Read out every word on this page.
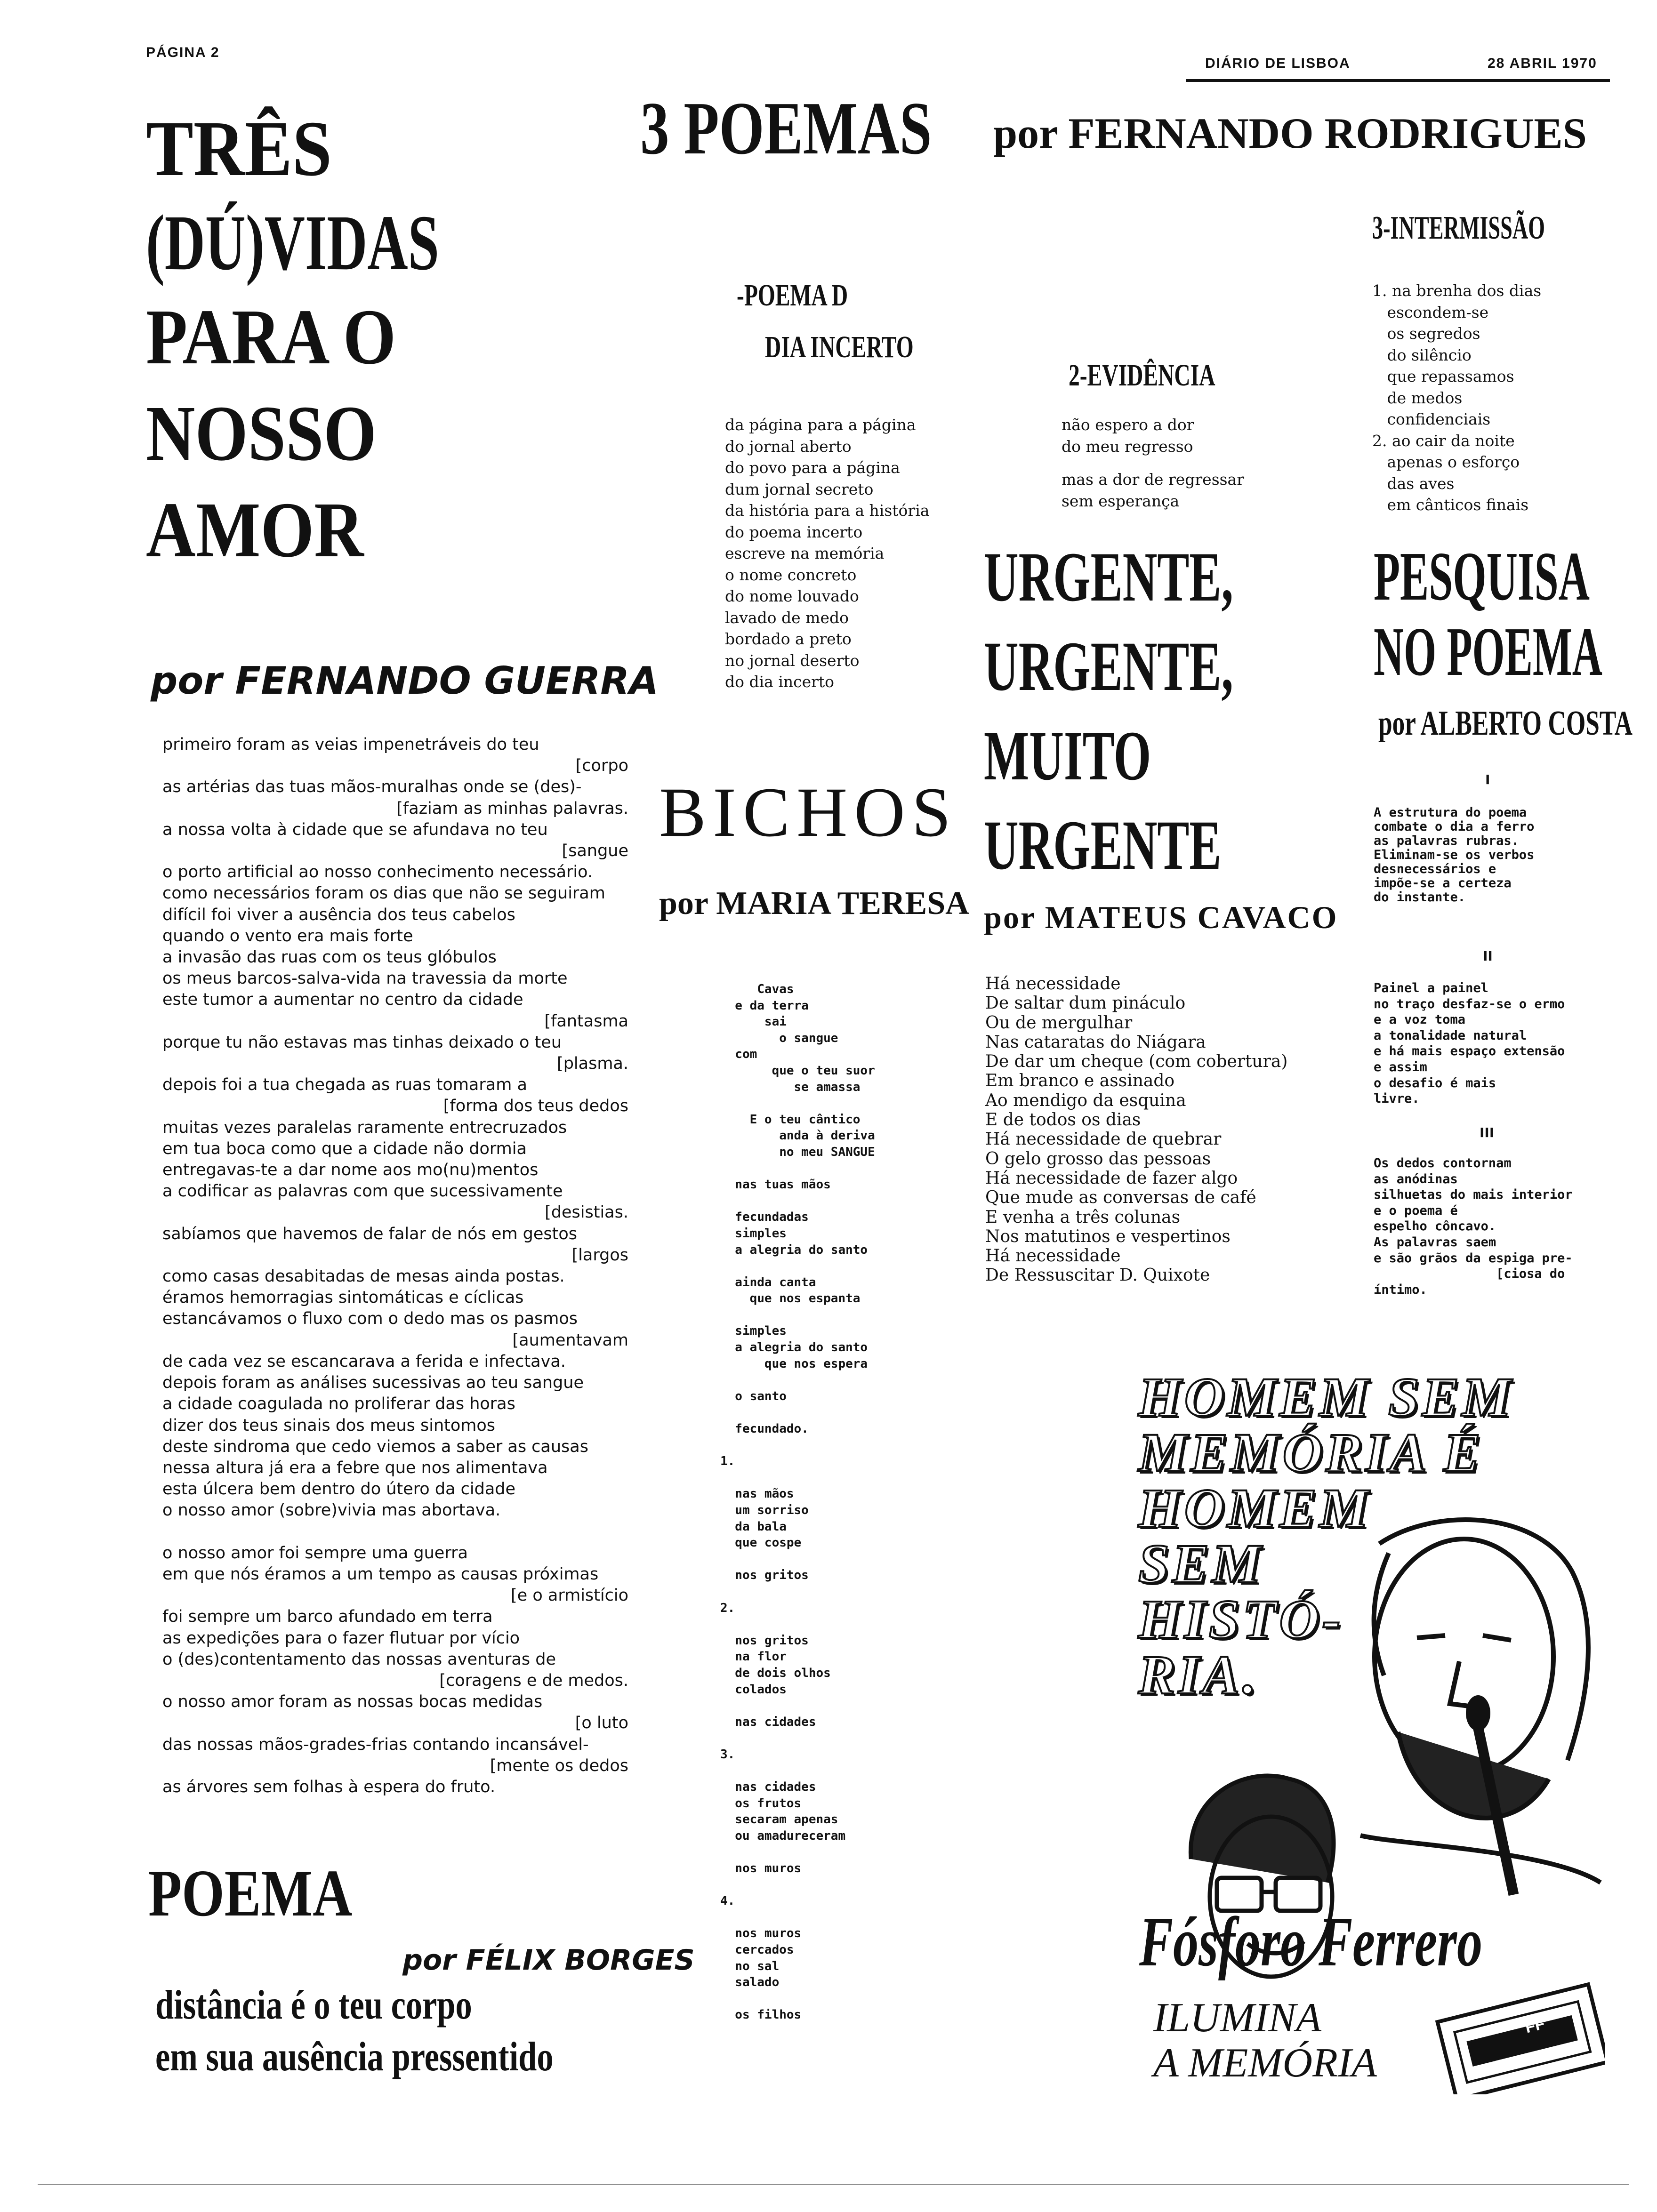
PÁGINA 2
DIÁRIO DE LISBOA	28 ABRIL 1970
TRÊS
(DÚ)VIDAS
PARA O
NOSSO
AMOR
por FERNANDO GUERRA
primeiro foram as veias impenetráveis do teu
[corpo
as artérias das tuas mãos-muralhas onde se (des)-
[faziam as minhas palavras.
a nossa volta à cidade que se afundava no teu
[sangue
o porto artificial ao nosso conhecimento necessário.
como necessários foram os dias que não se seguiram
difícil foi viver a ausência dos teus cabelos
quando o vento era mais forte
a invasão das ruas com os teus glóbulos
os meus barcos-salva-vida na travessia da morte
este tumor a aumentar no centro da cidade
[fantasma
porque tu não estavas mas tinhas deixado o teu
[plasma.
depois foi a tua chegada as ruas tomaram a
[forma dos teus dedos
muitas vezes paralelas raramente entrecruzados
em tua boca como que a cidade não dormia
entregavas-te a dar nome aos mo(nu)mentos
a codificar as palavras com que sucessivamente
[desistias.
sabíamos que havemos de falar de nós em gestos
[largos
como casas desabitadas de mesas ainda postas.
éramos hemorragias sintomáticas e cíclicas
estancávamos o fluxo com o dedo mas os pasmos
[aumentavam
de cada vez se escancarava a ferida e infectava.
depois foram as análises sucessivas ao teu sangue
a cidade coagulada no proliferar das horas
dizer dos teus sinais dos meus sintomos
deste sindroma que cedo viemos a saber as causas
nessa altura já era a febre que nos alimentava
esta úlcera bem dentro do útero da cidade
o nosso amor (sobre)vivia mas abortava.

o nosso amor foi sempre uma guerra
em que nós éramos a um tempo as causas próximas
[e o armistício
foi sempre um barco afundado em terra
as expedições para o fazer flutuar por vício
o (des)contentamento das nossas aventuras de
[coragens e de medos.
o nosso amor foram as nossas bocas medidas
[o luto
das nossas mãos-grades-frias contando incansável-
[mente os dedos
as árvores sem folhas à espera do fruto.
POEMA
por FÉLIX BORGES
distância é o teu corpo
em sua ausência pressentido
3 POEMAS por FERNANDO RODRIGUES
-POEMA D
DIA INCERTO
da página para a página
do jornal aberto
do povo para a página
dum jornal secreto
da história para a história
do poema incerto
escreve na memória
o nome concreto
do nome louvado
lavado de medo
bordado a preto
no jornal deserto
do dia incerto
2-EVIDÊNCIA
não espero a dor
do meu regresso
mas a dor de regressar
sem esperança
3-INTERMISSÃO
1. na brenha dos dias
escondem-se
os segredos
do silêncio
que repassamos
de medos
confidenciais
2. ao cair da noite
apenas o esforço
das aves
em cânticos finais
BICHOS
por MARIA TERESA
Cavas
e da terra
sai
o sangue
com
que o teu suor
se amassa

E o teu cântico
anda à deriva
no meu SANGUE

nas tuas mãos

fecundadas
simples
a alegria do santo

ainda canta
que nos espanta

simples
a alegria do santo
que nos espera

o santo

fecundado.

1.

nas mãos
um sorriso
da bala
que cospe

nos gritos

2.

nos gritos
na flor
de dois olhos
colados

nas cidades

3.

nas cidades
os frutos
secaram apenas
ou amadureceram

nos muros

4.

nos muros
cercados
no sal
salado

os filhos
URGENTE,
URGENTE,
MUITO
URGENTE
por MATEUS CAVACO
Há necessidade
De saltar dum pináculo
Ou de mergulhar
Nas cataratas do Niágara
De dar um cheque (com cobertura)
Em branco e assinado
Ao mendigo da esquina
E de todos os dias
Há necessidade de quebrar
O gelo grosso das pessoas
Há necessidade de fazer algo
Que mude as conversas de café
E venha a três colunas
Nos matutinos e vespertinos
Há necessidade
De Ressuscitar D. Quixote
PESQUISA
NO POEMA
por ALBERTO COSTA
I
A estrutura do poema
combate o dia a ferro
as palavras rubras.
Eliminam-se os verbos
desnecessários e
impõe-se a certeza
do instante.
II
Painel a painel
no traço desfaz-se o ermo
e a voz toma
a tonalidade natural
e há mais espaço extensão
e assim
o desafio é mais
livre.
III
Os dedos contornam
as anódinas
silhuetas do mais interior
e o poema é
espelho côncavo.
As palavras saem
e são grãos da espiga pre-
[ciosa do
íntimo.
HOMEM SEM
MEMÓRIA É
HOMEM
SEM
HISTÓ-
RIA.
Fósforo Ferrero
ILUMINA
A MEMÓRIA
FF
